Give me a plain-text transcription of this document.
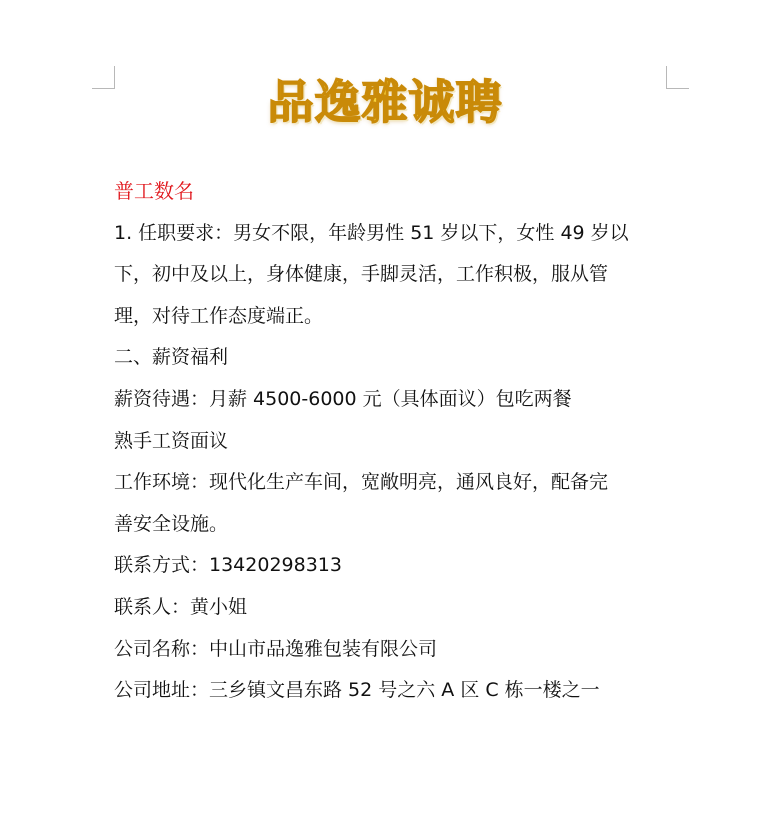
品逸雅诚聘

普工数名

1. 任职要求：男女不限，年龄男性 51 岁以下，女性 49 岁以

下，初中及以上，身体健康，手脚灵活，工作积极，服从管

理，对待工作态度端正。

二、薪资福利

薪资待遇：月薪 4500-6000 元（具体面议）包吃两餐

熟手工资面议

工作环境：现代化生产车间，宽敞明亮，通风良好，配备完

善安全设施。

联系方式：13420298313

联系人：黄小姐

公司名称：中山市品逸雅包装有限公司

公司地址：三乡镇文昌东路 52 号之六 A 区 C 栋一楼之一
